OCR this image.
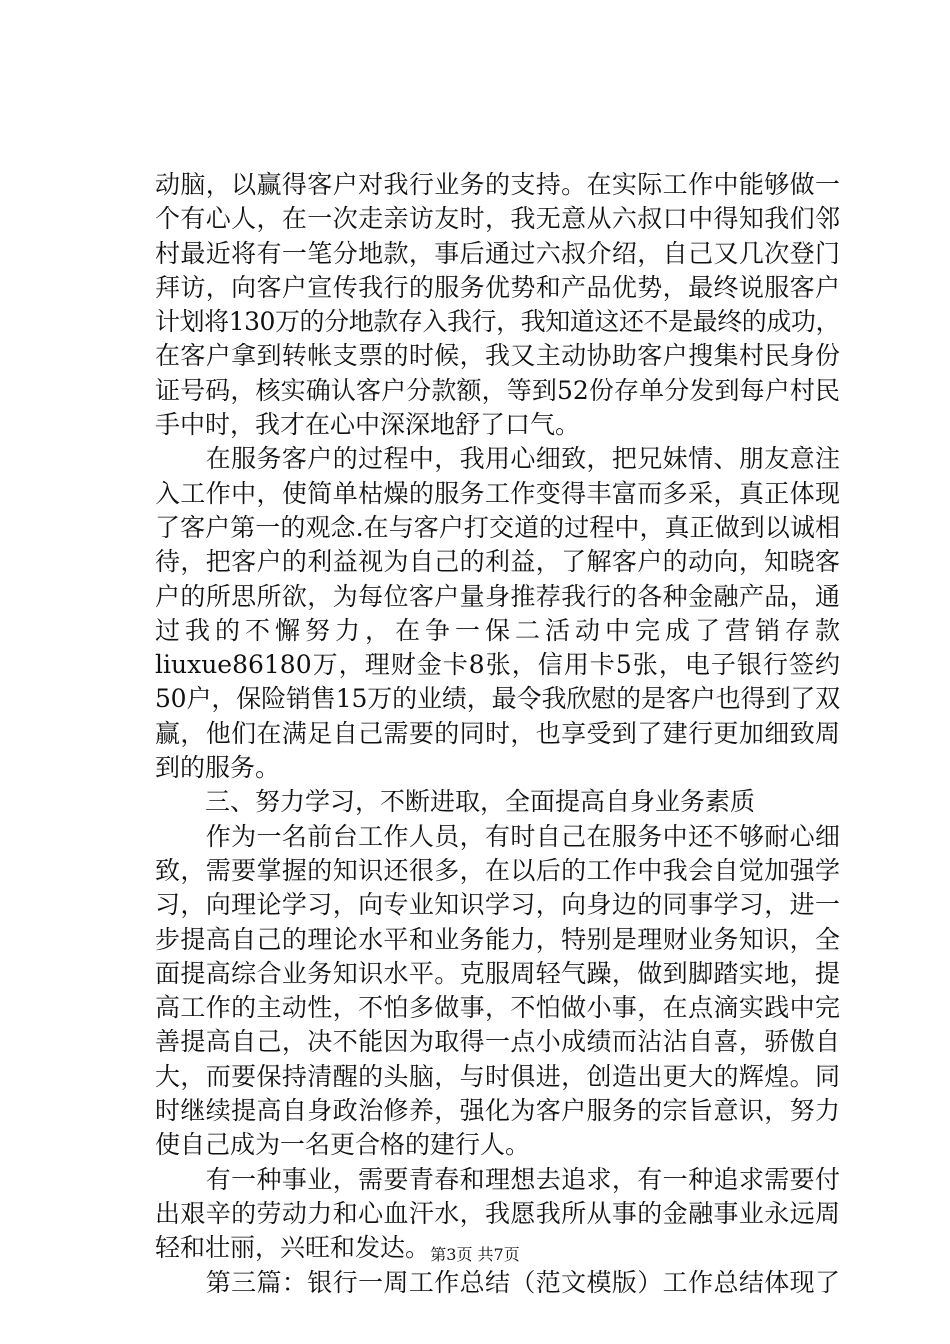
动脑，以赢得客户对我行业务的支持。在实际工作中能够做一
个有心人，在一次走亲访友时，我无意从六叔口中得知我们邻
村最近将有一笔分地款，事后通过六叔介绍，自己又几次登门
拜访，向客户宣传我行的服务优势和产品优势，最终说服客户
计划将130万的分地款存入我行，我知道这还不是最终的成功，
在客户拿到转帐支票的时候，我又主动协助客户搜集村民身份
证号码，核实确认客户分款额，等到52份存单分发到每户村民
手中时，我才在心中深深地舒了口气。
　　在服务客户的过程中，我用心细致，把兄妹情、朋友意注
入工作中，使简单枯燥的服务工作变得丰富而多采，真正体现
了客户第一的观念.在与客户打交道的过程中，真正做到以诚相
待，把客户的利益视为自己的利益，了解客户的动向，知晓客
户的所思所欲，为每位客户量身推荐我行的各种金融产品，通
过我的不懈努力，在争一保二活动中完成了营销存款
liuxue86180万，理财金卡8张，信用卡5张，电子银行签约
50户，保险销售15万的业绩，最令我欣慰的是客户也得到了双
赢，他们在满足自己需要的同时，也享受到了建行更加细致周
到的服务。
　　三、努力学习，不断进取，全面提高自身业务素质
　　作为一名前台工作人员，有时自己在服务中还不够耐心细
致，需要掌握的知识还很多，在以后的工作中我会自觉加强学
习，向理论学习，向专业知识学习，向身边的同事学习，进一
步提高自己的理论水平和业务能力，特别是理财业务知识，全
面提高综合业务知识水平。克服周轻气躁，做到脚踏实地，提
高工作的主动性，不怕多做事，不怕做小事，在点滴实践中完
善提高自己，决不能因为取得一点小成绩而沾沾自喜，骄傲自
大，而要保持清醒的头脑，与时俱进，创造出更大的辉煌。同
时继续提高自身政治修养，强化为客户服务的宗旨意识，努力
使自己成为一名更合格的建行人。
　　有一种事业，需要青春和理想去追求，有一种追求需要付
出艰辛的劳动力和心血汗水，我愿我所从事的金融事业永远周
轻和壮丽，兴旺和发达。
　　第三篇：银行一周工作总结（范文模版）工作总结体现了
第3页 共7页
